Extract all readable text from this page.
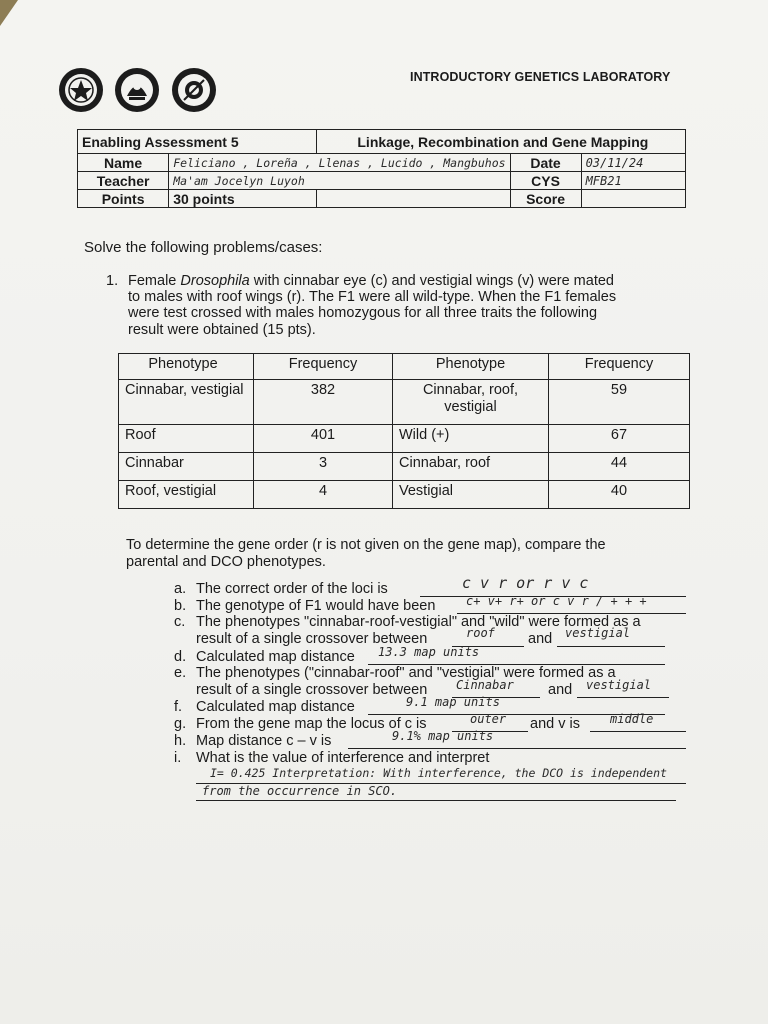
INTRODUCTORY GENETICS LABORATORY
Enabling Assessment 5		Linkage, Recombination and Gene Mapping		
Name	Feliciano , Loreña , Llenas , Lucido , Mangbuhos		Date	03/11/24
Teacher	Ma'am Jocelyn Luyoh		CYS	MFB21
Points	30 points		Score	
Solve the following problems/cases:
1. Female Drosophila with cinnabar eye (c) and vestigial wings (v) were mated
to males with roof wings (r). The F1 were all wild-type. When the F1 females
were test crossed with males homozygous for all three traits the following
result were obtained (15 pts).
Phenotype	Frequency	Phenotype	Frequency
Cinnabar, vestigial	382	Cinnabar, roof, vestigial	59
Roof	401	Wild (+)	67
Cinnabar	3	Cinnabar, roof	44
Roof, vestigial	4	Vestigial	40
To determine the gene order (r is not given on the gene map), compare the
parental and DCO phenotypes.
a. The correct order of the loci is	c v r or r v c
b. The genotype of F1 would have been	c+ v+ r+ or c v r / + + +
c. The phenotypes "cinnabar-roof-vestigial" and "wild" were formed as a
result of a single crossover between	roof and vestigial
d. Calculated map distance 13.3 map units
e. The phenotypes ("cinnabar-roof" and "vestigial" were formed as a
result of a single crossover between Cinnabar and vestigial
f. Calculated map distance	9.1 map units
g. From the gene map the locus of c is	outer and v is	middle
h. Map distance c – v is	9.1% map units
i. What is the value of interference and interpret
I= 0.425 Interpretation: With interference, the DCO is independent
from the occurrence in SCO.
